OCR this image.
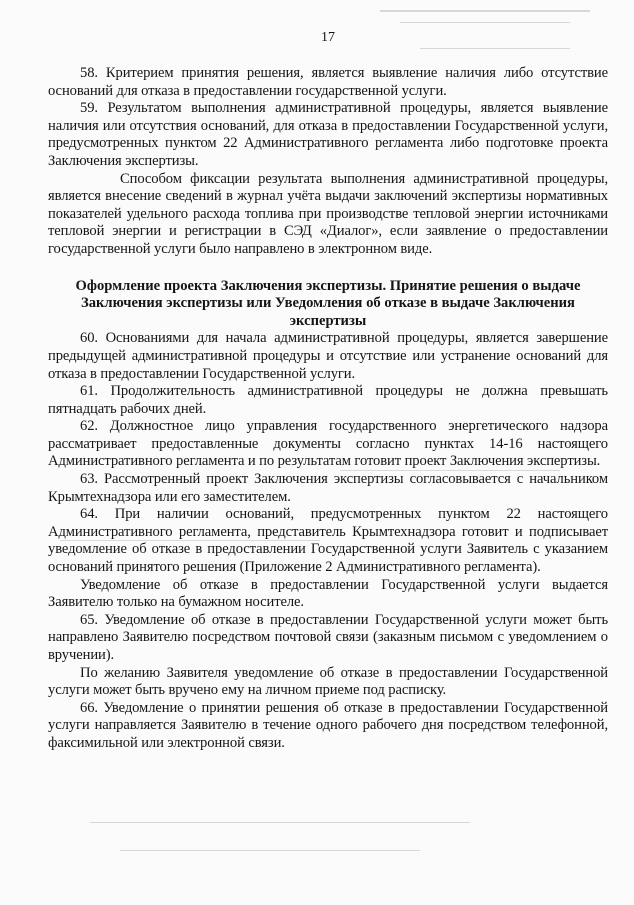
17

58. Критерием принятия решения, является выявление наличия либо отсутствие оснований для отказа в предоставлении государственной услуги.

59. Результатом выполнения административной процедуры, является выявление наличия или отсутствия оснований, для отказа в предоставлении Государственной услуги, предусмотренных пунктом 22 Административного регламента либо подготовке проекта Заключения экспертизы.

Способом фиксации результата выполнения административной процедуры, является внесение сведений в журнал учёта выдачи заключений экспертизы нормативных показателей удельного расхода топлива при производстве тепловой энергии источниками тепловой энергии и регистрации в СЭД «Диалог», если заявление о предоставлении государственной услуги было направлено в электронном виде.

Оформление проекта Заключения экспертизы. Принятие решения о выдаче Заключения экспертизы или Уведомления об отказе в выдаче Заключения экспертизы

60. Основаниями для начала административной процедуры, является завершение предыдущей административной процедуры и отсутствие или устранение оснований для отказа в предоставлении Государственной услуги.

61. Продолжительность административной процедуры не должна превышать пятнадцать рабочих дней.

62. Должностное лицо управления государственного энергетического надзора рассматривает предоставленные документы согласно пунктах 14-16 настоящего Административного регламента и по результатам готовит проект Заключения экспертизы.

63. Рассмотренный проект Заключения экспертизы согласовывается с начальником Крымтехнадзора или его заместителем.

64. При наличии оснований, предусмотренных пунктом 22 настоящего Административного регламента, представитель Крымтехнадзора готовит и подписывает уведомление об отказе в предоставлении Государственной услуги Заявитель с указанием оснований принятого решения (Приложение 2 Административного регламента).

Уведомление об отказе в предоставлении Государственной услуги выдается Заявителю только на бумажном носителе.

65. Уведомление об отказе в предоставлении Государственной услуги может быть направлено Заявителю посредством почтовой связи (заказным письмом с уведомлением о вручении).

По желанию Заявителя уведомление об отказе в предоставлении Государственной услуги может быть вручено ему на личном приеме под расписку.

66. Уведомление о принятии решения об отказе в предоставлении Государственной услуги направляется Заявителю в течение одного рабочего дня посредством телефонной, факсимильной или электронной связи.
